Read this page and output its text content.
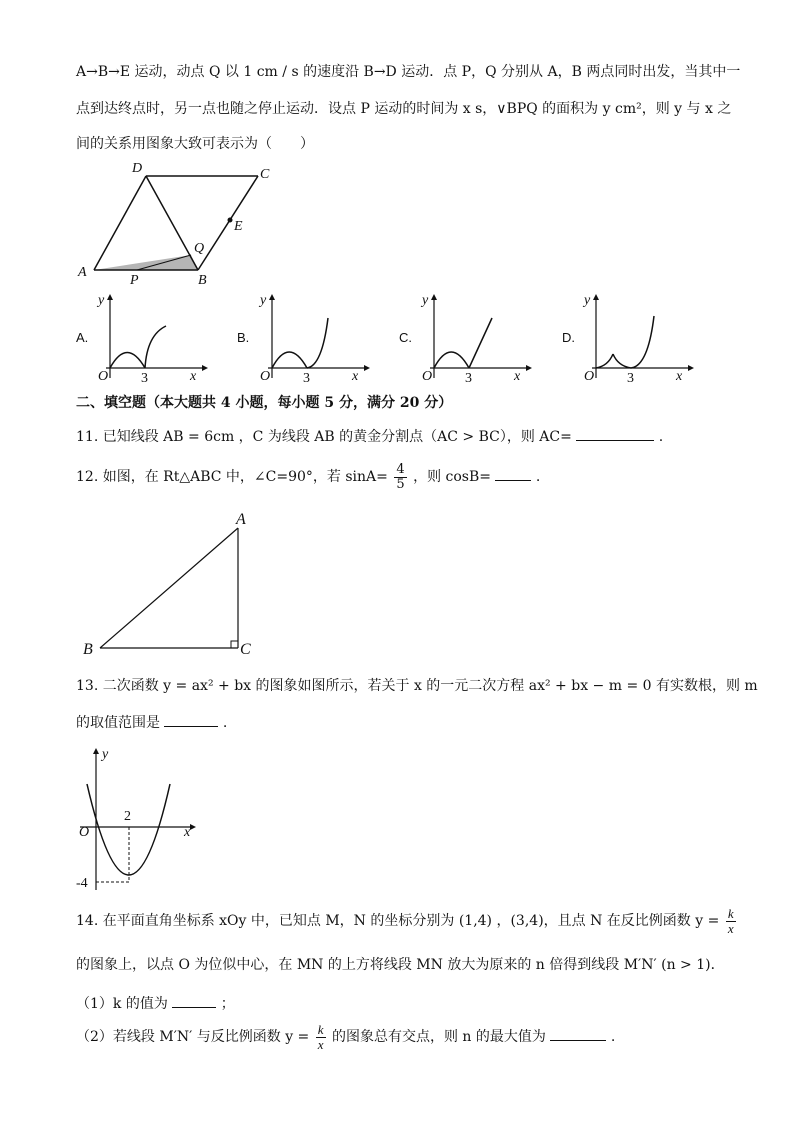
A→B→E 运动，动点 Q 以 1 cm / s 的速度沿 B→D 运动．点 P，Q 分别从 A，B 两点同时出发，当其中一
点到达终点时，另一点也随之停止运动．设点 P 运动的时间为 x s，∨BPQ 的面积为 y cm²，则 y 与 x 之
间的关系用图象大致可表示为（　　）
A
D	C
E
Q
P	B
A.
y
x
O 3
B.
y
x
O 3
C.
y
x
O 3
D.
y
x
O 3
二、填空题（本大题共 4 小题，每小题 5 分，满分 20 分）
11. 已知线段 AB = 6cm ，C 为线段 AB 的黄金分割点（AC > BC），则 AC=	.
12. 如图，在 Rt△ABC 中，∠C=90°，若 $\sin A= \frac{4}{5}$ ，则 cosB=	.
A
B	C
13. 二次函数 y = ax² + bx 的图象如图所示，若关于 x 的一元二次方程 ax² + bx − m = 0 有实数根，则 m
的取值范围是	.
y
x
O
2
-4
14. 在平面直角坐标系 xOy 中，已知点 M，N 的坐标分别为 (1,4) ，(3,4)，且点 N 在反比例函数 $y = \frac{k}{x}$
的图象上，以点 O 为位似中心，在 MN 的上方将线段 MN 放大为原来的 n 倍得到线段 M′N′ (n > 1)．
（1）k 的值为	；
（2）若线段 M′N′ 与反比例函数 $y = \frac{k}{x}$ 的图象总有交点，则 n 的最大值为	.
